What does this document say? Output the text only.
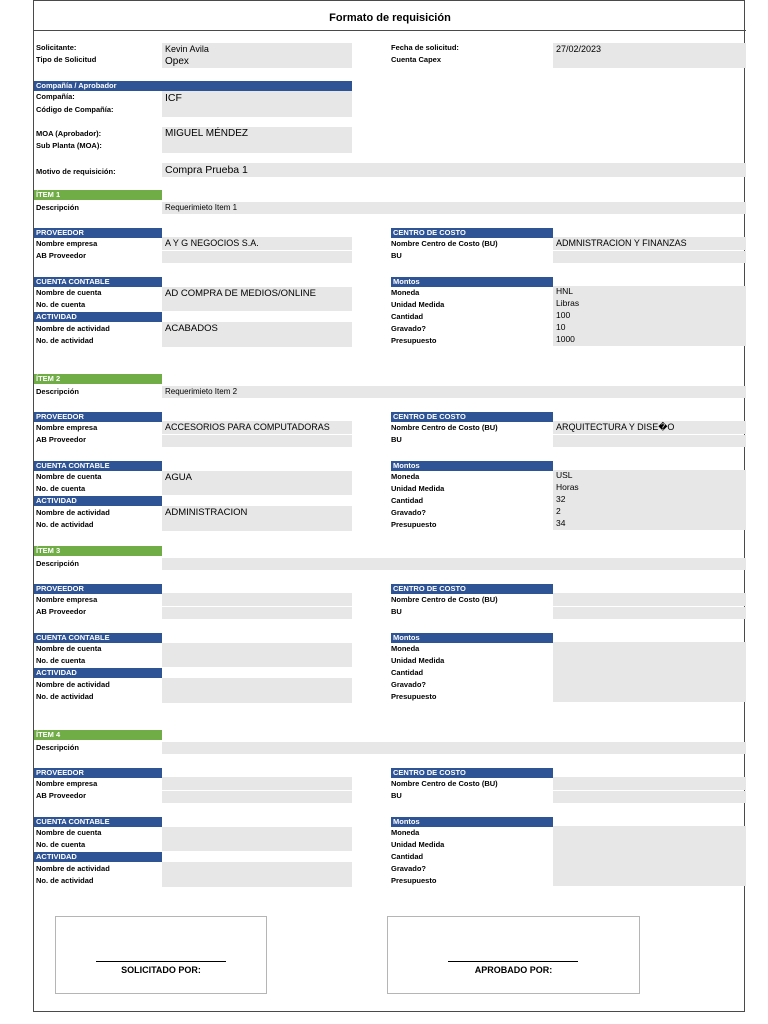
Formato de requisición
Solicitante:	Kevin Avila
Tipo de Solicitud	Opex
Fecha de solicitud:	27/02/2023
Cuenta Capex
Compañía / Aprobador
Compañía:	ICF
Código de Compañía:
MOA (Aprobador):	MIGUEL MÉNDEZ
Sub Planta (MOA):
Motivo de requisición:	Compra Prueba 1
ÍTEM 1
Descripción	Requerimieto Item 1
PROVEEDOR
Nombre empresa	A Y G NEGOCIOS S.A.
AB Proveedor
CENTRO DE COSTO
Nombre Centro de Costo (BU)	ADMNISTRACION Y FINANZAS
BU
CUENTA CONTABLE
Nombre de cuenta	AD COMPRA DE MEDIOS/ONLINE
No. de cuenta
ACTIVIDAD
Nombre de actividad	ACABADOS
No. de actividad
Montos
Moneda	HNL
Unidad Medida	Libras
Cantidad	100
Gravado?	10
Presupuesto	1000
ÍTEM 2
Descripción	Requerimieto Item 2
PROVEEDOR
Nombre empresa	ACCESORIOS PARA COMPUTADORAS
AB Proveedor
CENTRO DE COSTO
Nombre Centro de Costo (BU)	ARQUITECTURA Y DISE�O
BU
CUENTA CONTABLE
Nombre de cuenta	AGUA
No. de cuenta
ACTIVIDAD
Nombre de actividad	ADMINISTRACION
No. de actividad
Montos
Moneda	USL
Unidad Medida	Horas
Cantidad	32
Gravado?	2
Presupuesto	34
ÍTEM 3
Descripción
PROVEEDOR
Nombre empresa
AB Proveedor
CENTRO DE COSTO
Nombre Centro de Costo (BU)
BU
CUENTA CONTABLE
Nombre de cuenta
No. de cuenta
ACTIVIDAD
Nombre de actividad
No. de actividad
Montos
Moneda
Unidad Medida
Cantidad
Gravado?
Presupuesto
ÍTEM 4
Descripción
PROVEEDOR
Nombre empresa
AB Proveedor
CENTRO DE COSTO
Nombre Centro de Costo (BU)
BU
CUENTA CONTABLE
Nombre de cuenta
No. de cuenta
ACTIVIDAD
Nombre de actividad
No. de actividad
Montos
Moneda
Unidad Medida
Cantidad
Gravado?
Presupuesto
SOLICITADO POR:	APROBADO POR:
